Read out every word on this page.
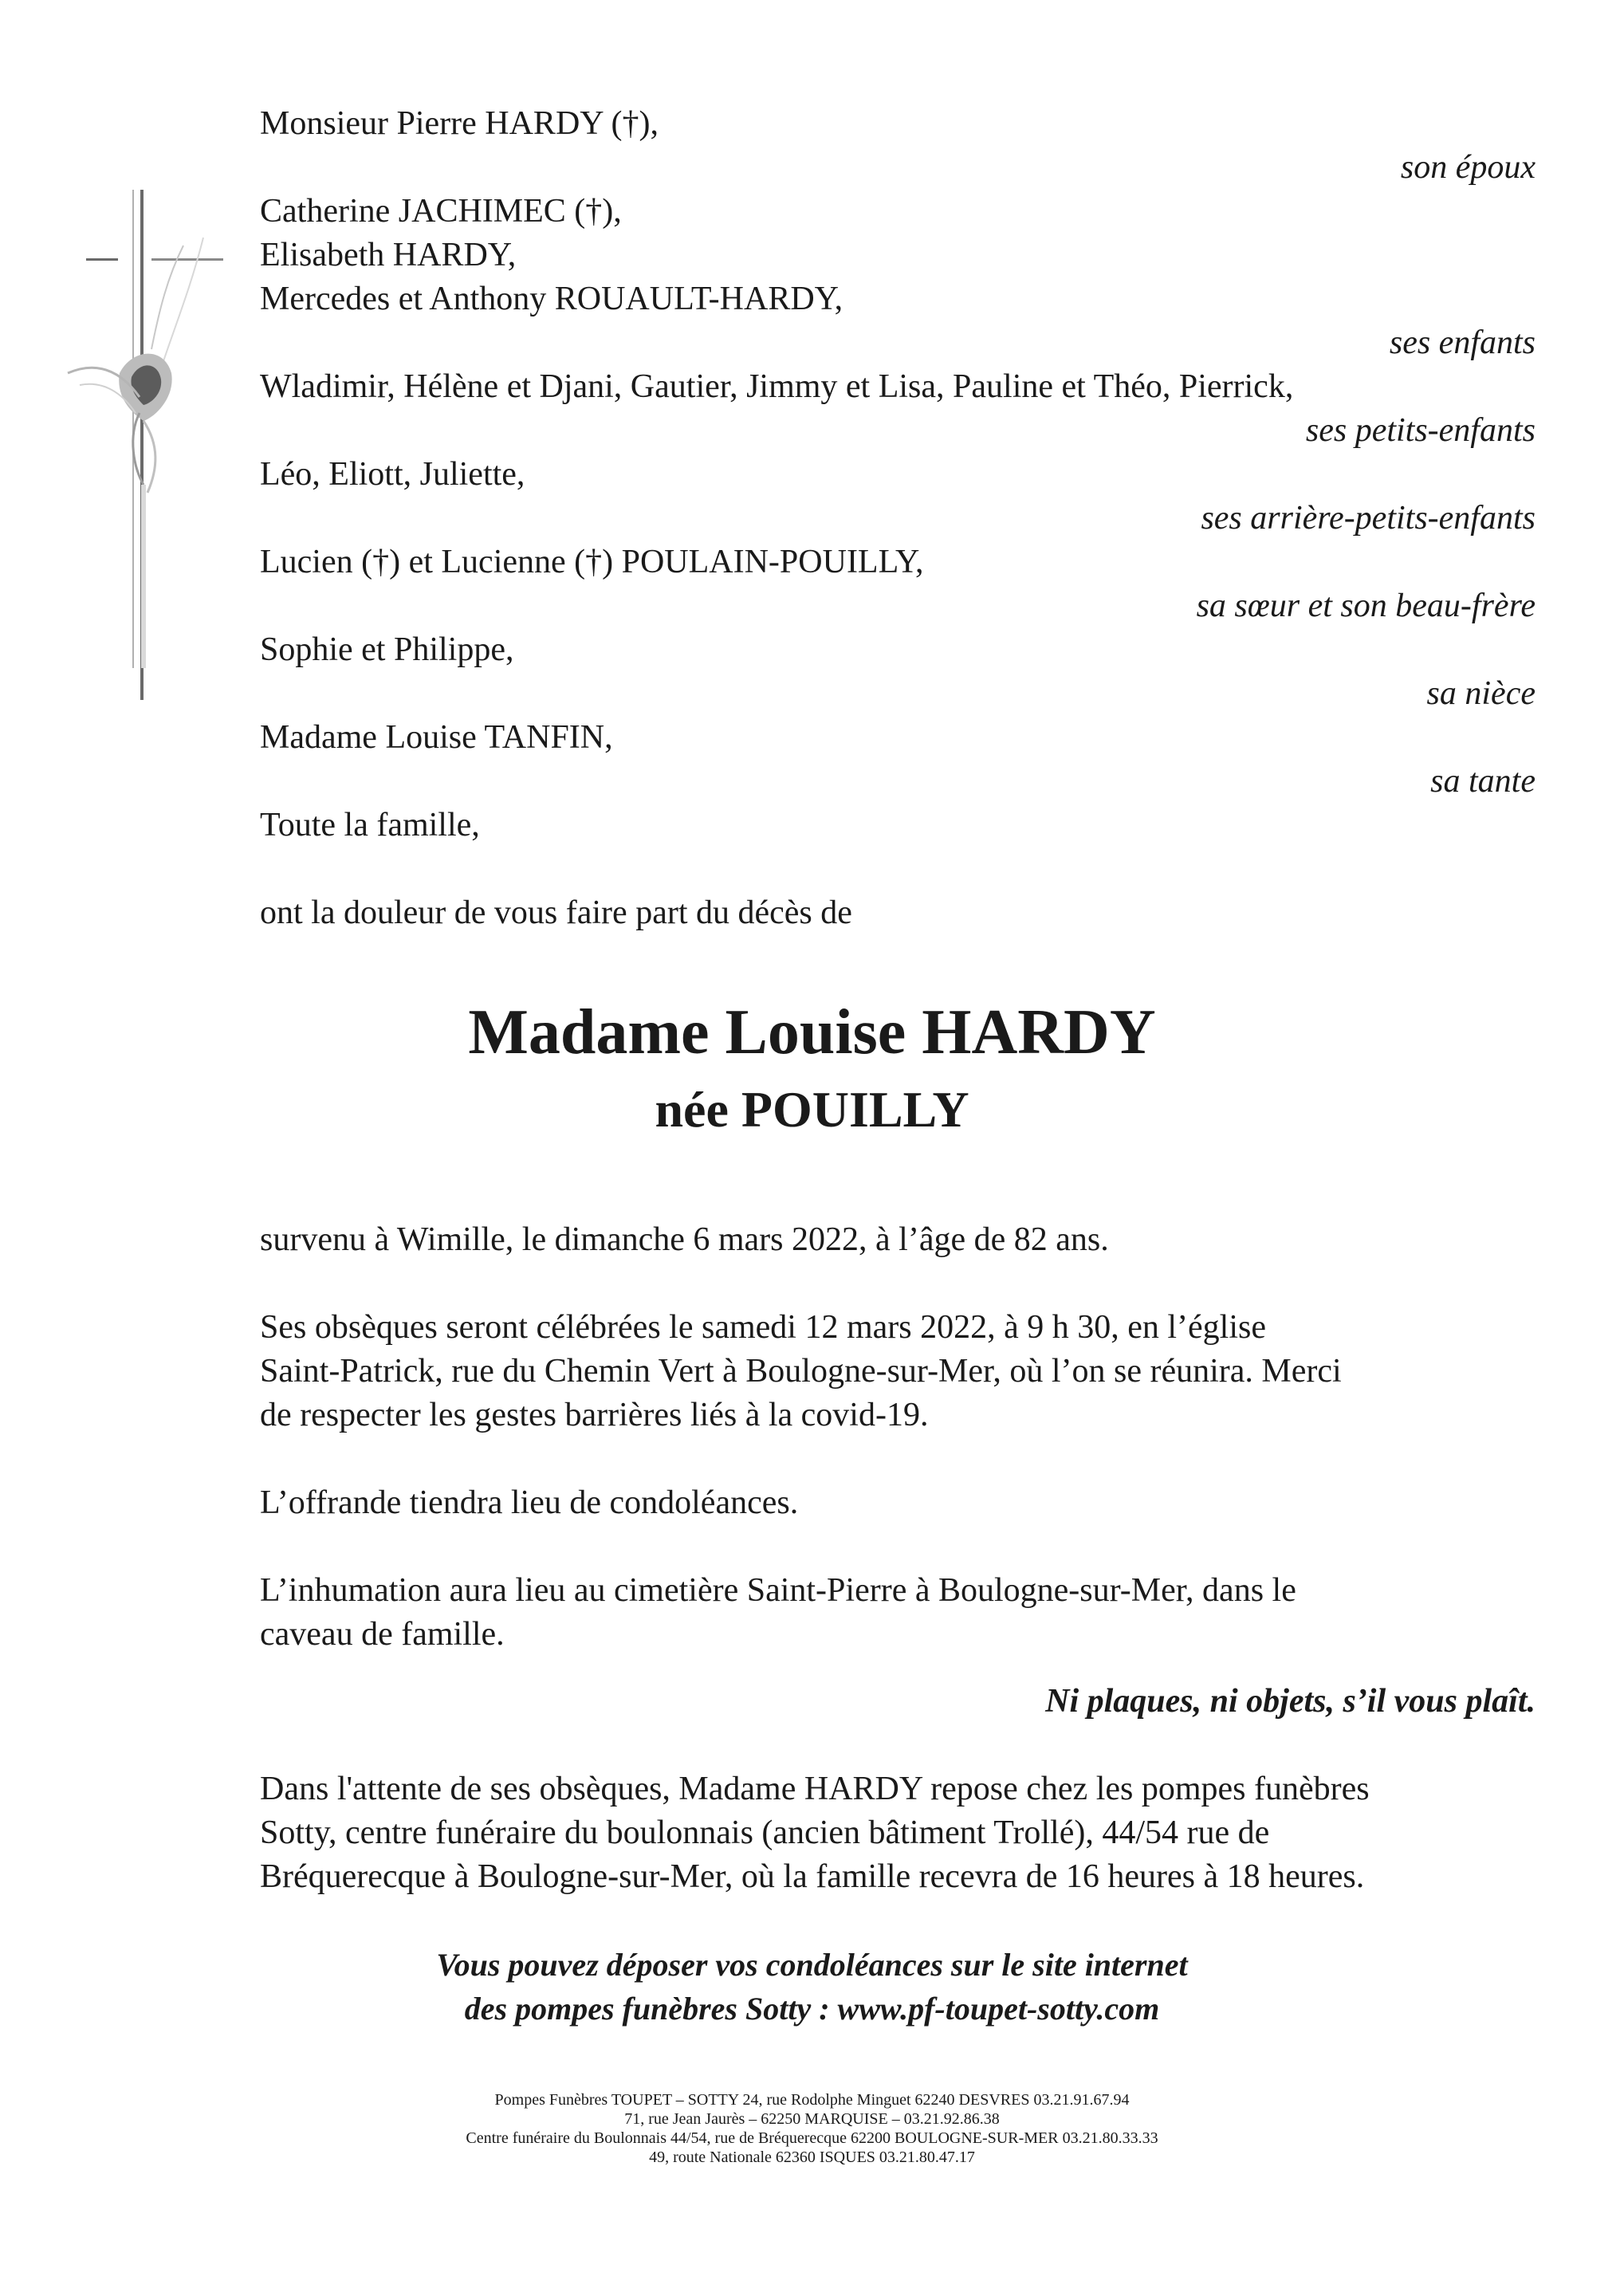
Monsieur Pierre HARDY (†),
son époux
Catherine JACHIMEC (†),
Elisabeth HARDY,
Mercedes et Anthony ROUAULT-HARDY,
ses enfants
Wladimir, Hélène et Djani, Gautier, Jimmy et Lisa, Pauline et Théo, Pierrick,
ses petits-enfants
Léo, Eliott, Juliette,
ses arrière-petits-enfants
Lucien (†) et Lucienne (†) POULAIN-POUILLY,
sa sœur et son beau-frère
Sophie et Philippe,
sa nièce
Madame Louise TANFIN,
sa tante
Toute la famille,
ont la douleur de vous faire part du décès de
Madame Louise HARDY
née POUILLY
survenu à Wimille, le dimanche 6 mars 2022, à l’âge de 82 ans.
Ses obsèques seront célébrées le samedi 12 mars 2022, à 9 h 30, en l’église
Saint-Patrick, rue du Chemin Vert à Boulogne-sur-Mer, où l’on se réunira. Merci
de respecter les gestes barrières liés à la covid-19.
L’offrande tiendra lieu de condoléances.
L’inhumation aura lieu au cimetière Saint-Pierre à Boulogne-sur-Mer, dans le
caveau de famille.
Ni plaques, ni objets, s’il vous plaît.
Dans l'attente de ses obsèques, Madame HARDY repose chez les pompes funèbres
Sotty, centre funéraire du boulonnais (ancien bâtiment Trollé), 44/54 rue de
Bréquerecque à Boulogne-sur-Mer, où la famille recevra de 16 heures à 18 heures.
Vous pouvez déposer vos condoléances sur le site internet
des pompes funèbres Sotty : www.pf-toupet-sotty.com
Pompes Funèbres TOUPET – SOTTY 24, rue Rodolphe Minguet 62240 DESVRES 03.21.91.67.94
71, rue Jean Jaurès – 62250 MARQUISE – 03.21.92.86.38
Centre funéraire du Boulonnais 44/54, rue de Bréquerecque 62200 BOULOGNE-SUR-MER 03.21.80.33.33
49, route Nationale 62360 ISQUES 03.21.80.47.17
